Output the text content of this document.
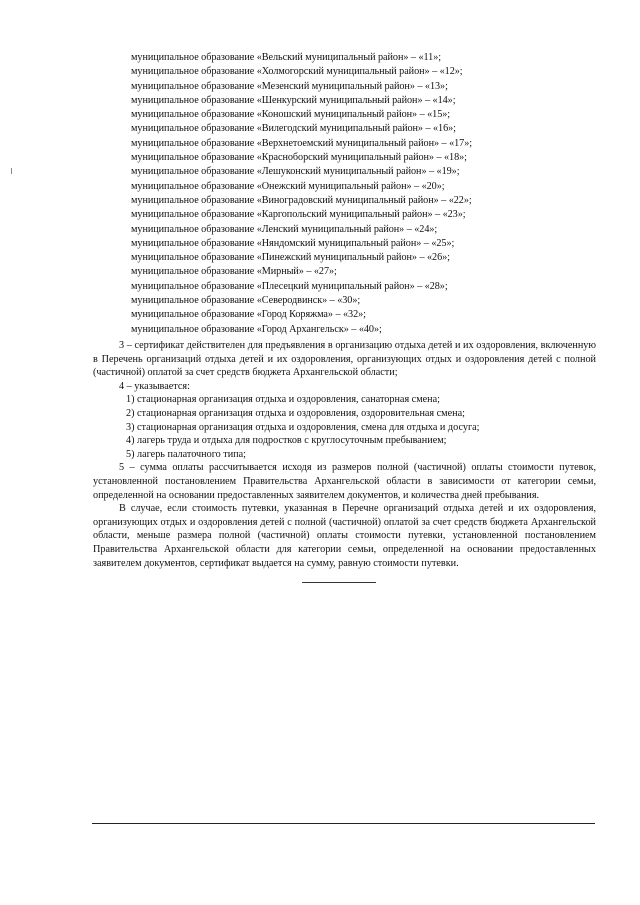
муниципальное образование «Вельский муниципальный район» – «11»;
муниципальное образование «Холмогорский муниципальный район» – «12»;
муниципальное образование «Мезенский муниципальный район» – «13»;
муниципальное образование «Шенкурский муниципальный район» – «14»;
муниципальное образование «Коношский муниципальный район» – «15»;
муниципальное образование «Вилегодский муниципальный район» – «16»;
муниципальное образование «Верхнетоемский муниципальный район» – «17»;
муниципальное образование «Красноборский муниципальный район» – «18»;
муниципальное образование «Лешуконский муниципальный район» – «19»;
муниципальное образование «Онежский муниципальный район» – «20»;
муниципальное образование «Виноградовский муниципальный район» – «22»;
муниципальное образование «Каргопольский муниципальный район» – «23»;
муниципальное образование «Ленский муниципальный район» – «24»;
муниципальное образование «Няндомский муниципальный район» – «25»;
муниципальное образование «Пинежский муниципальный район» – «26»;
муниципальное образование «Мирный» – «27»;
муниципальное образование «Плесецкий муниципальный район» – «28»;
муниципальное образование «Северодвинск» – «30»;
муниципальное образование «Город Коряжма» – «32»;
муниципальное образование «Город Архангельск» – «40»;

3 – сертификат действителен для предъявления в организацию отдыха детей и их оздоровления, включенную в Перечень организаций отдыха детей и их оздоровления, организующих отдых и оздоровления детей с полной (частичной) оплатой за счет средств бюджета Архангельской области;

4 – указывается:

1) стационарная организация отдыха и оздоровления, санаторная смена;

2) стационарная организация отдыха и оздоровления, оздоровительная смена;

3) стационарная организация отдыха и оздоровления, смена для отдыха и досуга;

4) лагерь труда и отдыха для подростков с круглосуточным пребыванием;

5) лагерь палаточного типа;

5 – сумма оплаты рассчитывается исходя из размеров полной (частичной) оплаты стоимости путевок, установленной постановлением Правительства Архангельской области в зависимости от категории семьи, определенной на основании предоставленных заявителем документов, и количества дней пребывания.

В случае, если стоимость путевки, указанная в Перечне организаций отдыха детей и их оздоровления, организующих отдых и оздоровления детей с полной (частичной) оплатой за счет средств бюджета Архангельской области, меньше размера полной (частичной) оплаты стоимости путевки, установленной постановлением Правительства Архангельской области для категории семьи, определенной на основании предоставленных заявителем документов, сертификат выдается на сумму, равную стоимости путевки.
